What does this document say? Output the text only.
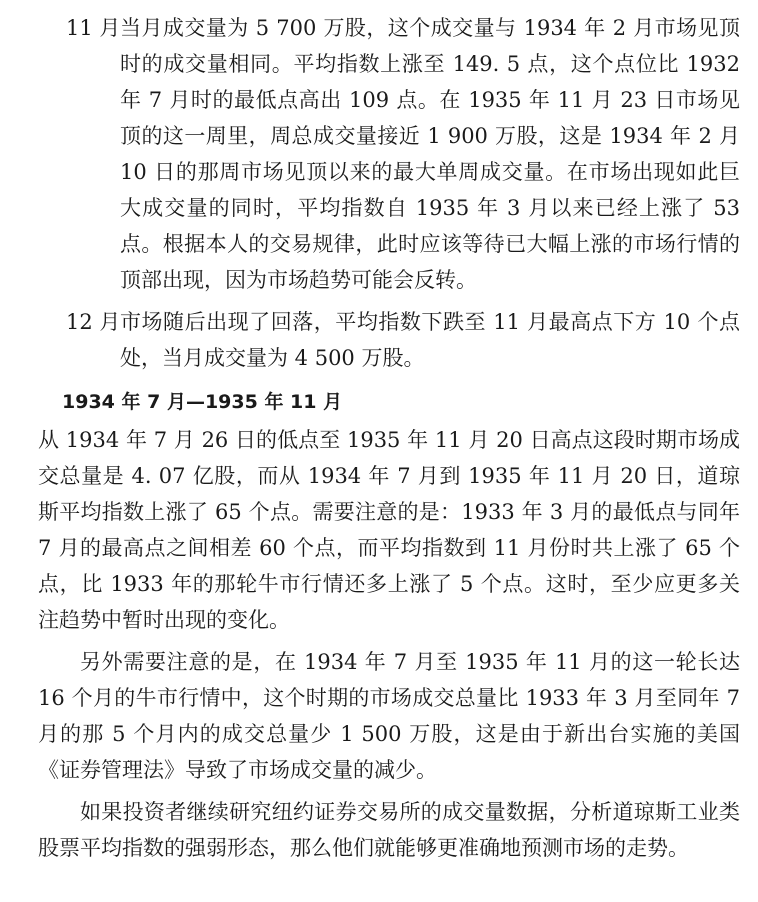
11 月 当月成交量为 5 700 万股，这个成交量与 1934 年 2 月市场见顶时的成交量相同。平均指数上涨至 149. 5 点，这个点位比 1932 年 7 月时的最低点高出 109 点。在 1935 年 11 月 23 日市场见顶的这一周里，周总成交量接近 1 900 万股，这是 1934 年 2 月 10 日的那周市场见顶以来的最大单周成交量。在市场出现如此巨大成交量的同时，平均指数自 1935 年 3 月以来已经上涨了 53 点。根据本人的交易规律，此时应该等待已大幅上涨的市场行情的顶部出现，因为市场趋势可能会反转。
12 月 市场随后出现了回落，平均指数下跌至 11 月最高点下方 10 个点处，当月成交量为 4 500 万股。
1934 年 7 月—1935 年 11 月

从 1934 年 7 月 26 日的低点至 1935 年 11 月 20 日高点这段时期市场成交总量是 4. 07 亿股，而从 1934 年 7 月到 1935 年 11 月 20 日，道琼斯平均指数上涨了 65 个点。需要注意的是：1933 年 3 月的最低点与同年 7 月的最高点之间相差 60 个点，而平均指数到 11 月份时共上涨了 65 个点，比 1933 年的那轮牛市行情还多上涨了 5 个点。这时，至少应更多关注趋势中暂时出现的变化。

另外需要注意的是，在 1934 年 7 月至 1935 年 11 月的这一轮长达 16 个月的牛市行情中，这个时期的市场成交总量比 1933 年 3 月至同年 7 月的那 5 个月内的成交总量少 1 500 万股，这是由于新出台实施的美国《证券管理法》导致了市场成交量的减少。

如果投资者继续研究纽约证券交易所的成交量数据，分析道琼斯工业类股票平均指数的强弱形态，那么他们就能够更准确地预测市场的走势。
